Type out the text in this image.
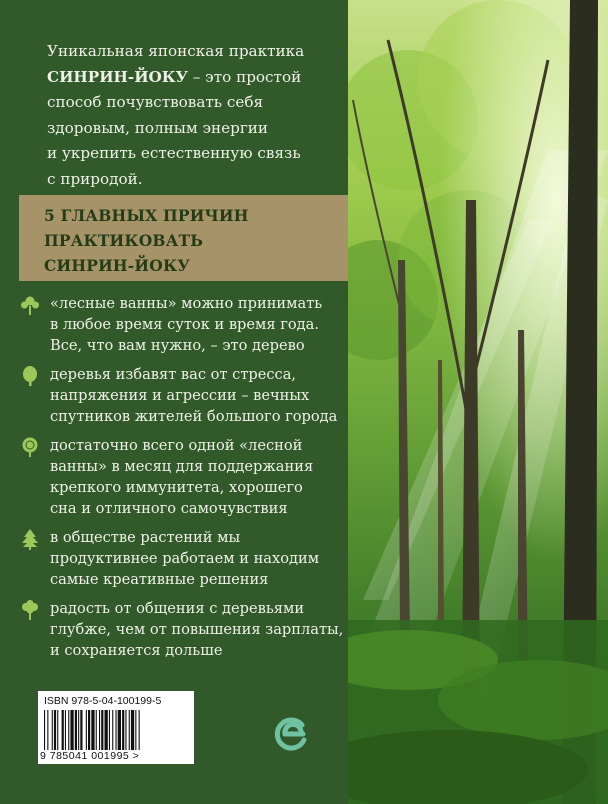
Уникальная японская практика
СИНРИН-ЙОКУ – это простой
способ почувствовать себя
здоровым, полным энергии
и укрепить естественную связь
с природой.
5 ГЛАВНЫХ ПРИЧИН
ПРАКТИКОВАТЬ
СИНРИН-ЙОКУ
«лесные ванны» можно принимать
в любое время суток и время года.
Все, что вам нужно, – это дерево
деревья избавят вас от стресса,
напряжения и агрессии – вечных
спутников жителей большого города
достаточно всего одной «лесной
ванны» в месяц для поддержания
крепкого иммунитета, хорошего
сна и отличного самочувствия
в обществе растений мы
продуктивнее работаем и находим
самые креативные решения
радость от общения с деревьями
глубже, чем от повышения зарплаты,
и сохраняется дольше
ISBN 978-5-04-100199-5
9 785041 001995 >
